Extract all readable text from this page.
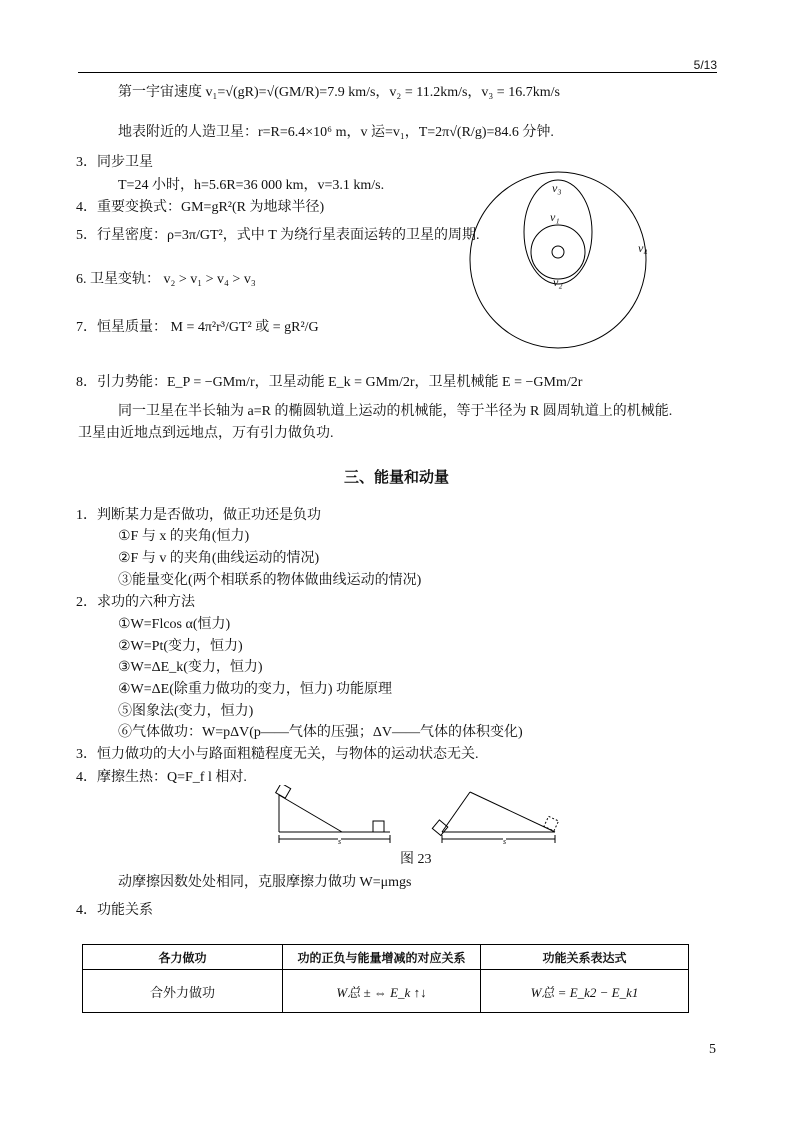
5/13
第一宇宙速度 v₁=√(gR)=√(GM/R)=7.9 km/s，v₂ = 11.2km/s，v₃ = 16.7km/s
地表附近的人造卫星：r=R=6.4×10⁶ m，v 运=v₁，T=2π√(R/g)=84.6 分钟.
3．同步卫星
T=24 小时，h=5.6R=36 000 km，v=3.1 km/s.
4．重要变换式：GM=gR²(R 为地球半径)
5．行星密度：ρ=3π/GT²，式中 T 为绕行星表面运转的卫星的周期.
6. 卫星变轨： v₂ > v₁ > v₄ > v₃
7．恒星质量： M = 4π²r³/GT² 或 = gR²/G
8．引力势能：E_P = −GMm/r，卫星动能 E_k = GMm/2r，卫星机械能 E = −GMm/2r
同一卫星在半长轴为 a=R 的椭圆轨道上运动的机械能，等于半径为 R 圆周轨道上的机械能.
卫星由近地点到远地点，万有引力做负功.
v₃
v₁
v₄
v₂
三、能量和动量
1．判断某力是否做功，做正功还是负功
①F 与 x 的夹角(恒力)
②F 与 v 的夹角(曲线运动的情况)
③能量变化(两个相联系的物体做曲线运动的情况)
2．求功的六种方法
①W=Flcos α(恒力)
②W=Pt(变力，恒力)
③W=ΔE_k(变力，恒力)
④W=ΔE(除重力做功的变力，恒力) 功能原理
⑤图象法(变力，恒力)
⑥气体做功：W=pΔV(p——气体的压强；ΔV——气体的体积变化)
3．恒力做功的大小与路面粗糙程度无关，与物体的运动状态无关.
4．摩擦生热：Q=F_f l 相对.
s	s
图 23
动摩擦因数处处相同，克服摩擦力做功 W=μmgs
4．功能关系
各力做功	功的正负与能量增减的对应关系	功能关系表达式
合外力做功	W总 ± ⇔ E_k ↑↓	W总 = E_k2 − E_k1
5
